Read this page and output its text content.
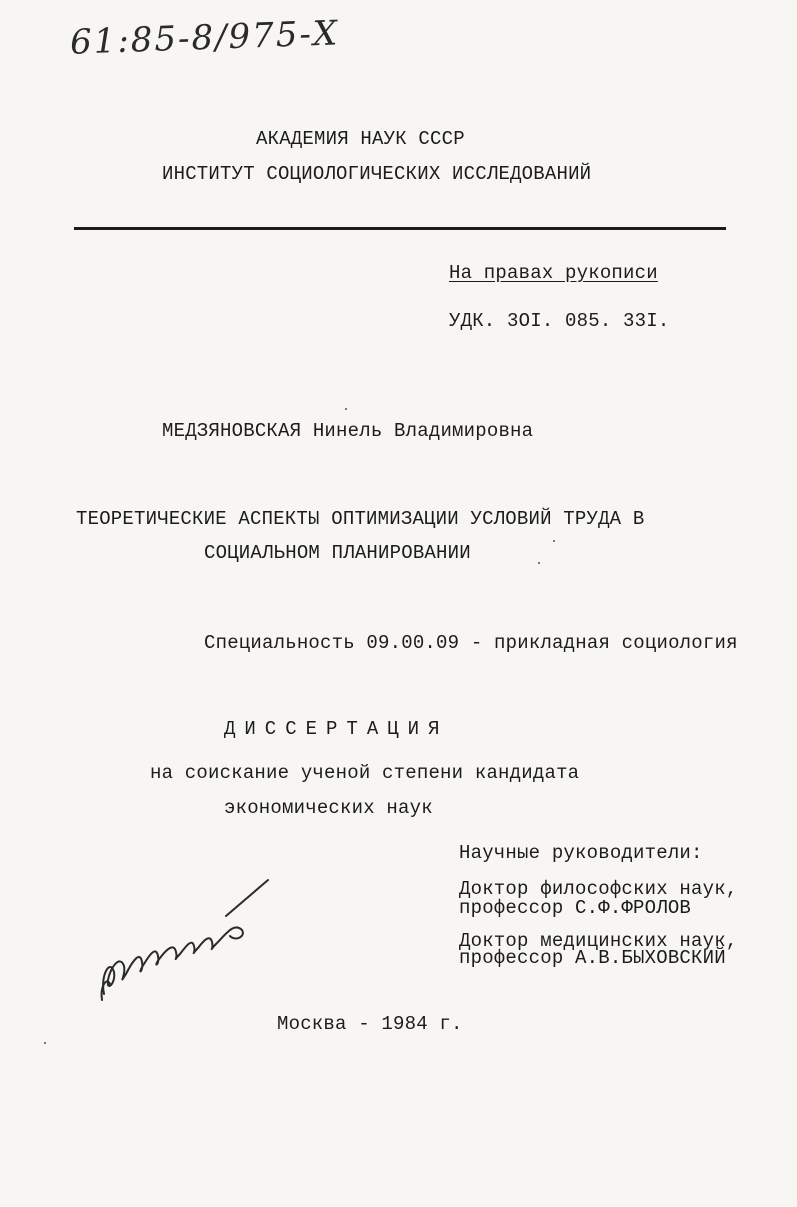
61:85-8/975-Х
АКАДЕМИЯ НАУК СССР
ИНСТИТУТ СОЦИОЛОГИЧЕСКИХ ИССЛЕДОВАНИЙ
На правах рукописи
УДК. 3OI. 085. 33I.
МЕДЗЯНОВСКАЯ Нинель Владимировна
ТЕОРЕТИЧЕСКИЕ АСПЕКТЫ ОПТИМИЗАЦИИ УСЛОВИЙ ТРУДА В
СОЦИАЛЬНОМ ПЛАНИРОВАНИИ
Специальность 09.00.09 - прикладная социология
ДИССЕРТАЦИЯ
на соискание ученой степени кандидата
экономических наук
Научные руководители:
Доктор философских наук,
профессор С.Ф.ФРОЛОВ
Доктор медицинских наук,
профессор А.В.БЫХОВСКИЙ
Москва - 1984 г.
